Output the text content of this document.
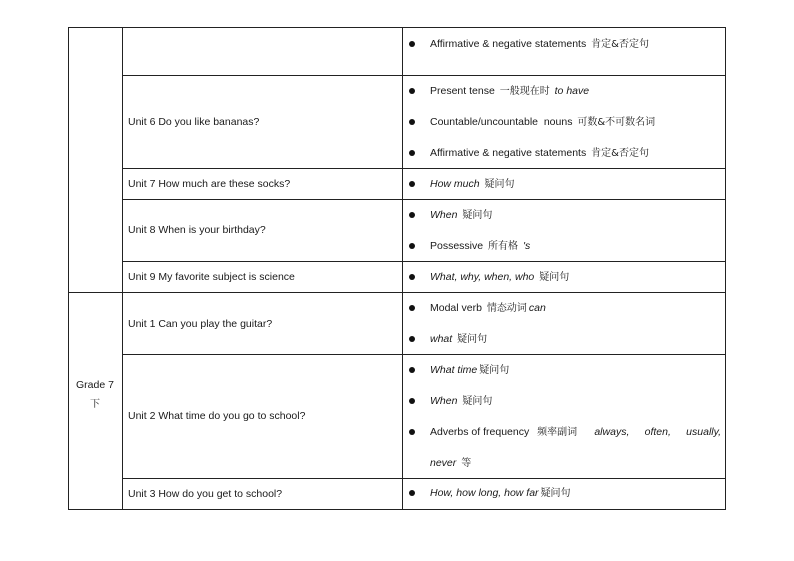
Grade 7
下
Unit 6 Do you like bananas?
Unit 7 How much are these socks?
Unit 8 When is your birthday?
Unit 9 My favorite subject is science
Unit 1 Can you play the guitar?
Unit 2 What time do you go to school?
Unit 3 How do you get to school?
Affirmative & negative statements 肯定&否定句
Present tense 一般现在时 to have
Countable/uncountable  nouns 可数&不可数名词
Affirmative & negative statements 肯定&否定句
How much 疑问句
When 疑问句
Possessive 所有格 's
What, why, when, who 疑问句
Modal verb 情态动词 can
what 疑问句
What time 疑问句
When 疑问句
Adverbs of frequency 频率副词 always, often, usually,
never 等
How, how long, how far 疑问句
